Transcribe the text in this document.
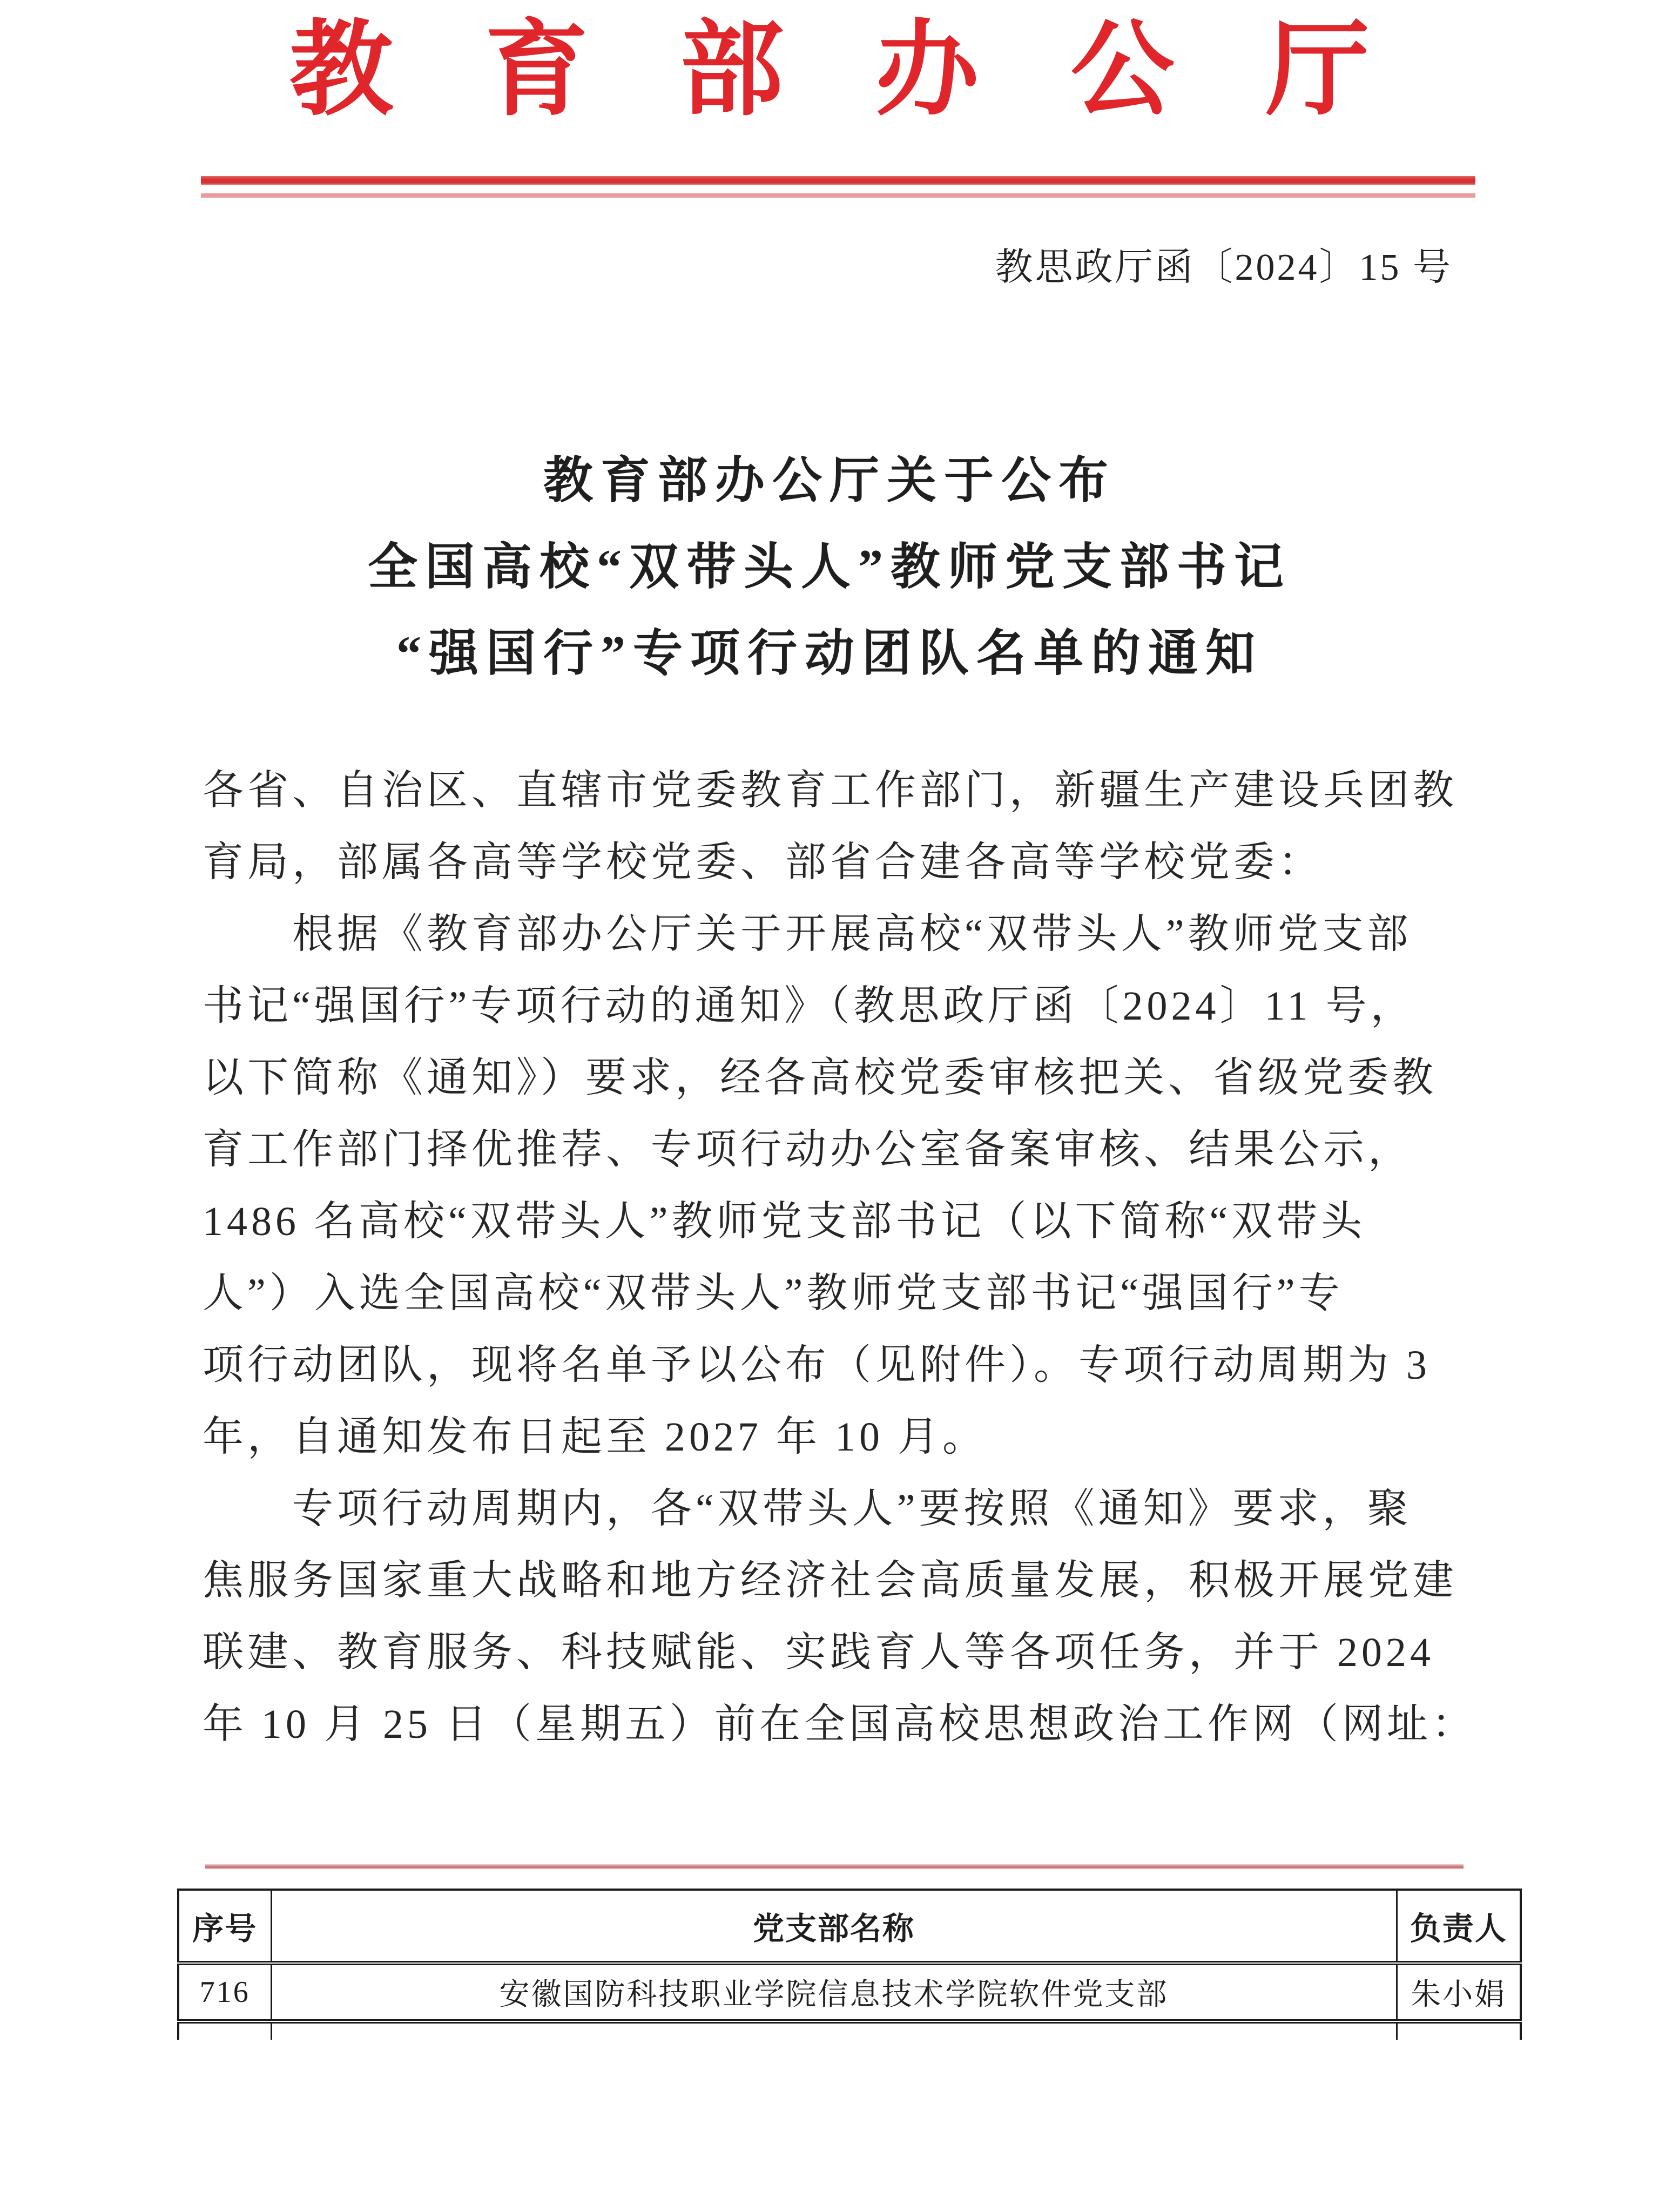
教 育 部 办 公 厅
教思政厅函〔2024〕15 号
教育部办公厅关于公布
全国高校“双带头人”教师党支部书记
“强国行”专项行动团队名单的通知
各省、自治区、直辖市党委教育工作部门，新疆生产建设兵团教
育局，部属各高等学校党委、部省合建各高等学校党委：
　　根据《教育部办公厅关于开展高校“双带头人”教师党支部
书记“强国行”专项行动的通知》（教思政厅函〔2024〕11 号，
以下简称《通知》）要求，经各高校党委审核把关、省级党委教
育工作部门择优推荐、专项行动办公室备案审核、结果公示，
1486 名高校“双带头人”教师党支部书记（以下简称“双带头
人”）入选全国高校“双带头人”教师党支部书记“强国行”专
项行动团队，现将名单予以公布（见附件）。专项行动周期为 3
年，自通知发布日起至 2027 年 10 月。
　　专项行动周期内，各“双带头人”要按照《通知》要求，聚
焦服务国家重大战略和地方经济社会高质量发展，积极开展党建
联建、教育服务、科技赋能、实践育人等各项任务，并于 2024
年 10 月 25 日（星期五）前在全国高校思想政治工作网（网址：
序号	党支部名称	负责人
716	安徽国防科技职业学院信息技术学院软件党支部	朱小娟
